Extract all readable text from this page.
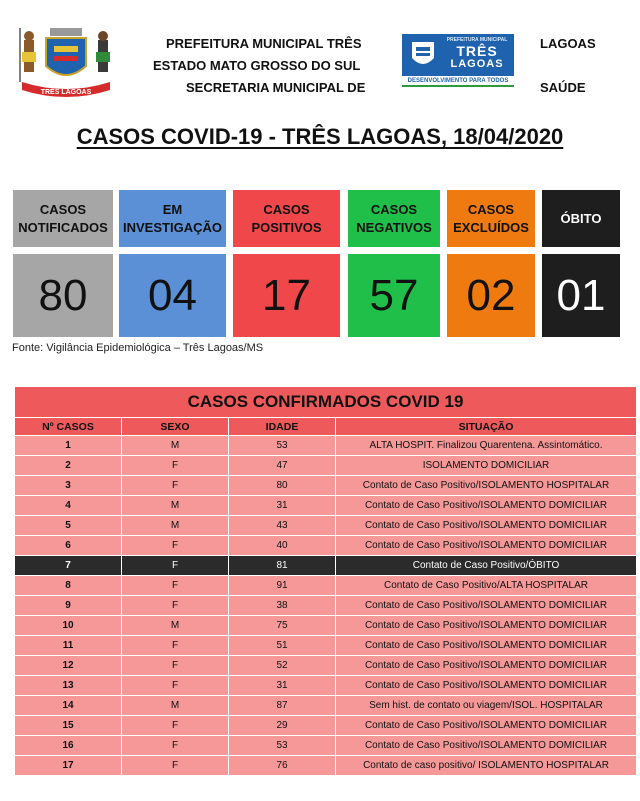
TRÊS LAGOAS
PREFEITURA MUNICIPAL TRÊS	LAGOAS
ESTADO MATO GROSSO DO SUL
SECRETARIA MUNICIPAL DE	SAÚDE
PREFEITURA MUNICIPAL
TRÊS
LAGOAS
DESENVOLVIMENTO PARA TODOS
CASOS COVID-19 - TRÊS LAGOAS, 18/04/2020
CASOS NOTIFICADOS
80
EM INVESTIGAÇÃO
04
CASOS POSITIVOS
17
CASOS NEGATIVOS
57
CASOS EXCLUÍDOS
02
ÓBITO
01
Fonte: Vigilância Epidemiológica – Três Lagoas/MS
CASOS CONFIRMADOS COVID 19			
Nº CASOS	SEXO	IDADE	SITUAÇÃO
1	M	53	ALTA HOSPIT. Finalizou Quarentena. Assintomático.
2	F	47	ISOLAMENTO DOMICILIAR
3	F	80	Contato de Caso Positivo/ISOLAMENTO HOSPITALAR
4	M	31	Contato de Caso Positivo/ISOLAMENTO DOMICILIAR
5	M	43	Contato de Caso Positivo/ISOLAMENTO DOMICILIAR
6	F	40	Contato de Caso Positivo/ISOLAMENTO DOMICILIAR
7	F	81	Contato de Caso Positivo/ÓBITO
8	F	91	Contato de Caso Positivo/ALTA HOSPITALAR
9	F	38	Contato de Caso Positivo/ISOLAMENTO DOMICILIAR
10	M	75	Contato de Caso Positivo/ISOLAMENTO DOMICILIAR
11	F	51	Contato de Caso Positivo/ISOLAMENTO DOMICILIAR
12	F	52	Contato de Caso Positivo/ISOLAMENTO DOMICILIAR
13	F	31	Contato de Caso Positivo/ISOLAMENTO DOMICILIAR
14	M	87	Sem hist. de contato ou viagem/ISOL. HOSPITALAR
15	F	29	Contato de Caso Positivo/ISOLAMENTO DOMICILIAR
16	F	53	Contato de Caso Positivo/ISOLAMENTO DOMICILIAR
17	F	76	Contato de caso positivo/ ISOLAMENTO HOSPITALAR
